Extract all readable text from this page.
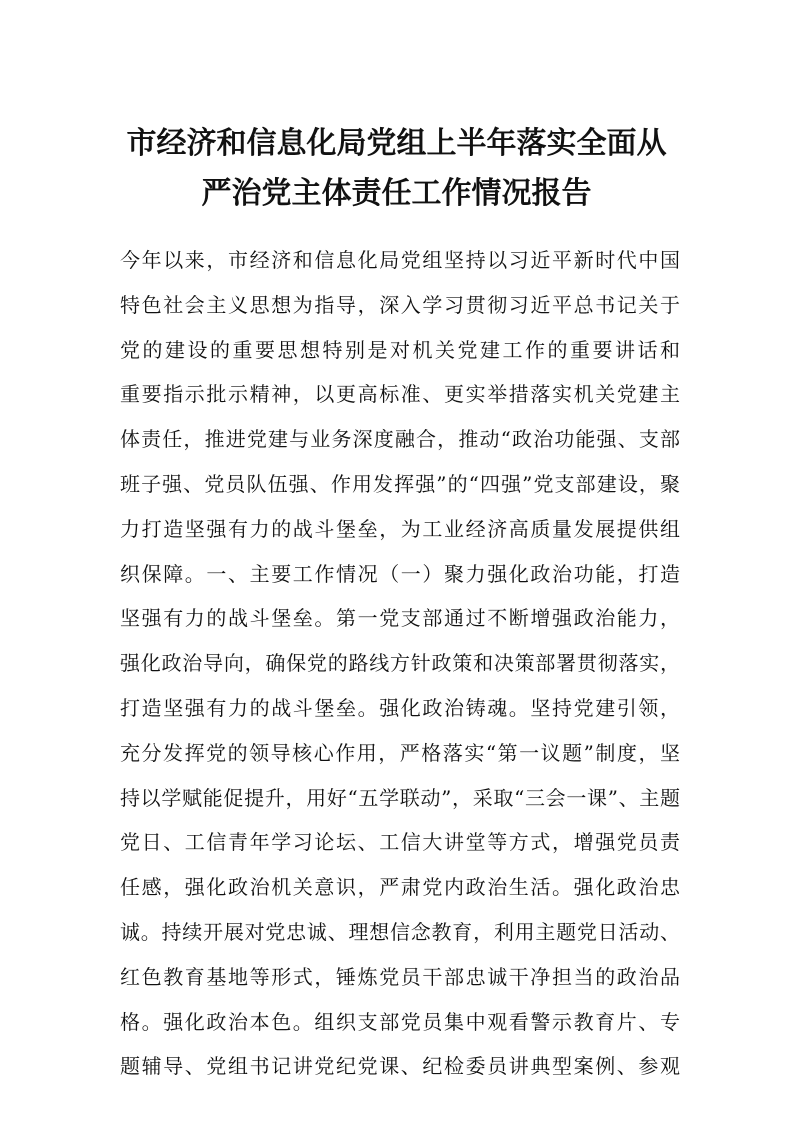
市经济和信息化局党组上半年落实全面从
严治党主体责任工作情况报告
今年以来，市经济和信息化局党组坚持以习近平新时代中国
特色社会主义思想为指导，深入学习贯彻习近平总书记关于
党的建设的重要思想特别是对机关党建工作的重要讲话和
重要指示批示精神，以更高标准、更实举措落实机关党建主
体责任，推进党建与业务深度融合，推动“政治功能强、支部
班子强、党员队伍强、作用发挥强”的“四强”党支部建设，聚
力打造坚强有力的战斗堡垒，为工业经济高质量发展提供组
织保障。一、主要工作情况（一）聚力强化政治功能，打造
坚强有力的战斗堡垒。第一党支部通过不断增强政治能力，
强化政治导向，确保党的路线方针政策和决策部署贯彻落实，
打造坚强有力的战斗堡垒。强化政治铸魂。坚持党建引领，
充分发挥党的领导核心作用，严格落实“第一议题”制度，坚
持以学赋能促提升，用好“五学联动”，采取“三会一课”、主题
党日、工信青年学习论坛、工信大讲堂等方式，增强党员责
任感，强化政治机关意识，严肃党内政治生活。强化政治忠
诚。持续开展对党忠诚、理想信念教育，利用主题党日活动、
红色教育基地等形式，锤炼党员干部忠诚干净担当的政治品
格。强化政治本色。组织支部党员集中观看警示教育片、专
题辅导、党组书记讲党纪党课、纪检委员讲典型案例、参观
